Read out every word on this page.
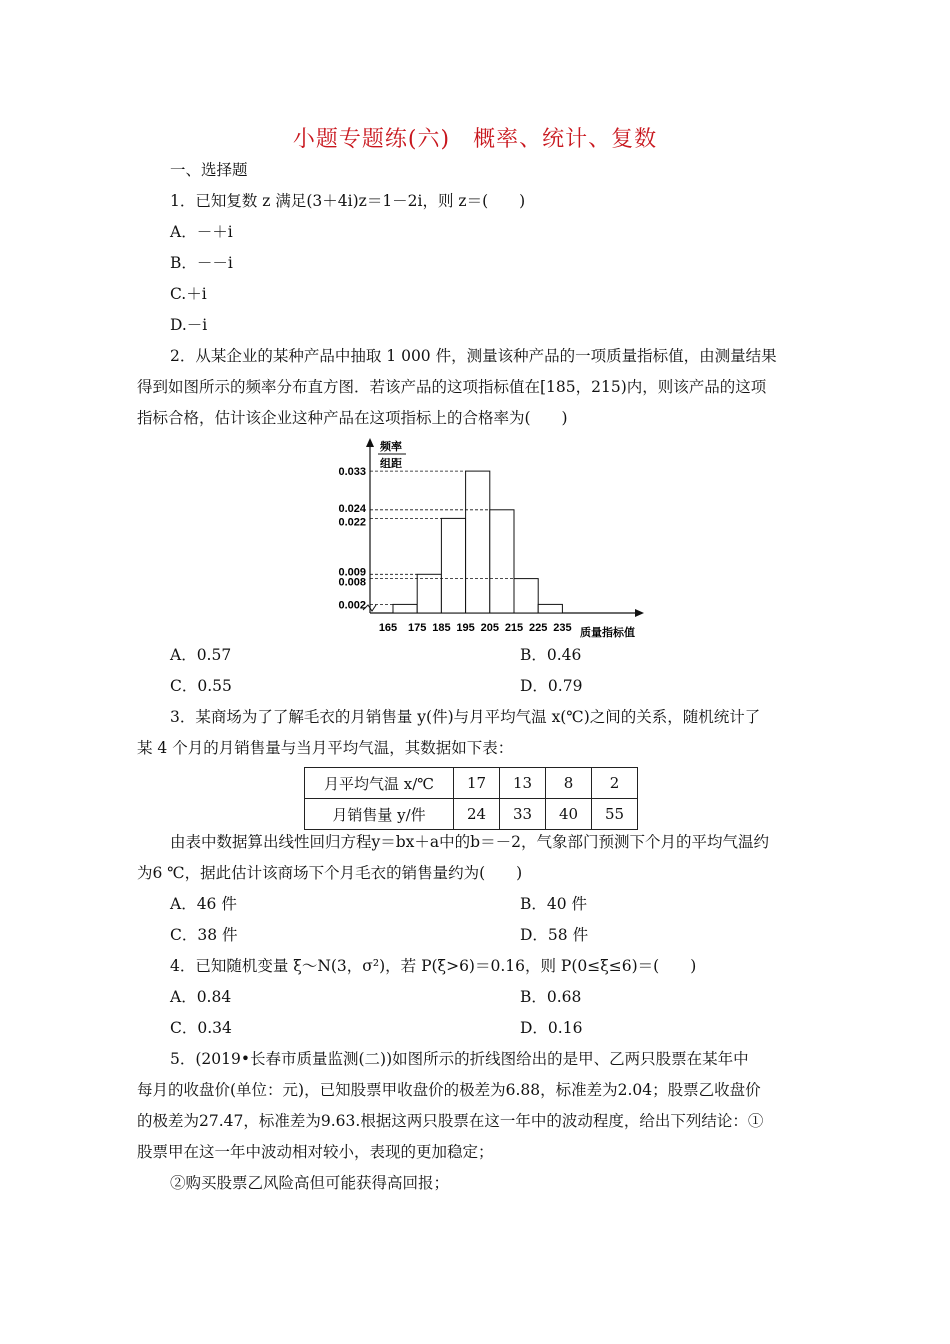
小题专题练(六)　概率、统计、复数
一、选择题
1．已知复数 z 满足(3＋4i)z＝1－2i，则 z＝(　　)
A．－＋i
B．－－i
C.＋i
D.－i
2．从某企业的某种产品中抽取 1 000 件，测量该种产品的一项质量指标值，由测量结果
得到如图所示的频率分布直方图．若该产品的这项指标值在[185，215)内，则该产品的这项
指标合格，估计该企业这种产品在这项指标上的合格率为(　　)
频率
组距
质量指标值
0.033
0.024
0.022
0.009
0.008
0.002
165 175 185 195 205 215 225 235
A．0.57	B．0.46
C．0.55	D．0.79
3．某商场为了了解毛衣的月销售量 y(件)与月平均气温 x(℃)之间的关系，随机统计了
某 4 个月的月销售量与当月平均气温，其数据如下表：
月平均气温 x/℃	17	13	8	2
月销售量 y/件	24	33	40	55
由表中数据算出线性回归方程y＝bx＋a中的b＝－2，气象部门预测下个月的平均气温约
为6 ℃，据此估计该商场下个月毛衣的销售量约为(　　)
A．46 件	B．40 件
C．38 件	D．58 件
4．已知随机变量 ξ～N(3，σ²)，若 P(ξ>6)＝0.16，则 P(0≤ξ≤6)＝(　　)
A．0.84	B．0.68
C．0.34	D．0.16
5．(2019•长春市质量监测(二))如图所示的折线图给出的是甲、乙两只股票在某年中
每月的收盘价(单位：元)，已知股票甲收盘价的极差为6.88，标准差为2.04；股票乙收盘价
的极差为27.47，标准差为9.63.根据这两只股票在这一年中的波动程度，给出下列结论：①
股票甲在这一年中波动相对较小，表现的更加稳定；
②购买股票乙风险高但可能获得高回报；
